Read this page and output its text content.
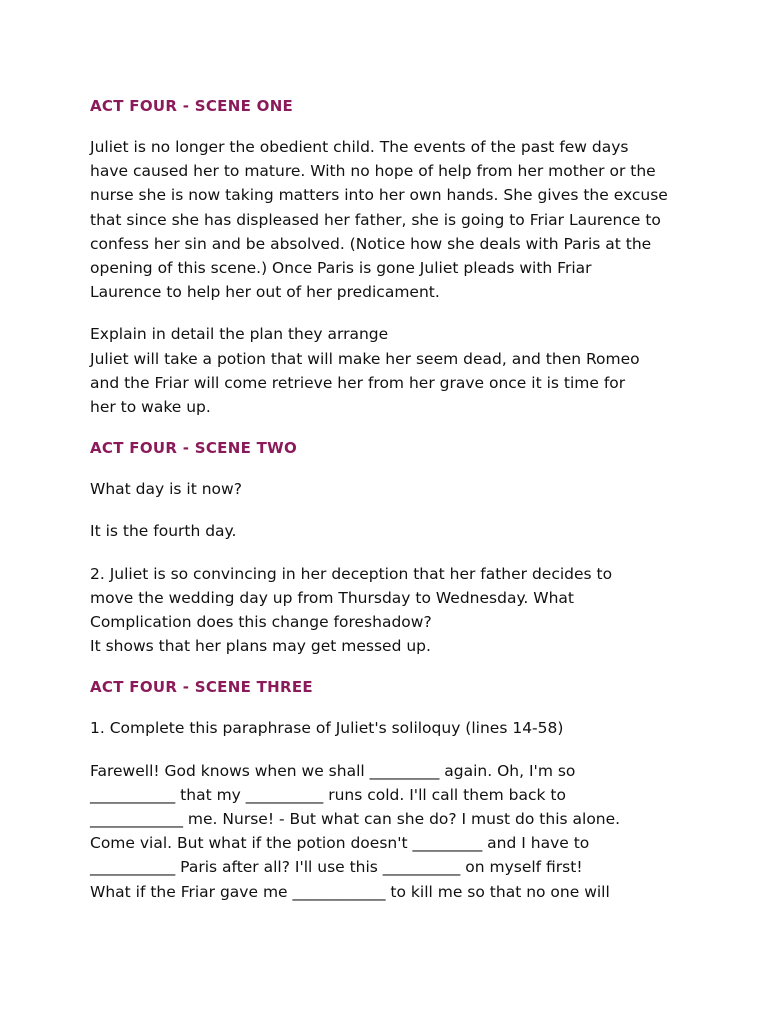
ACT FOUR - SCENE ONE

Juliet is no longer the obedient child. The events of the past few days
have caused her to mature. With no hope of help from her mother or the
nurse she is now taking matters into her own hands. She gives the excuse
that since she has displeased her father, she is going to Friar Laurence to
confess her sin and be absolved. (Notice how she deals with Paris at the
opening of this scene.) Once Paris is gone Juliet pleads with Friar
Laurence to help her out of her predicament.

Explain in detail the plan they arrange

Juliet will take a potion that will make her seem dead, and then Romeo
and the Friar will come retrieve her from her grave once it is time for
her to wake up.

ACT FOUR - SCENE TWO

What day is it now?

It is the fourth day.

2. Juliet is so convincing in her deception that her father decides to
move the wedding day up from Thursday to Wednesday. What
Complication does this change foreshadow?

It shows that her plans may get messed up.

ACT FOUR - SCENE THREE

1. Complete this paraphrase of Juliet's soliloquy (lines 14-58)

Farewell! God knows when we shall _________ again. Oh, I'm so
___________ that my __________ runs cold. I'll call them back to
____________ me. Nurse! - But what can she do? I must do this alone.
Come vial. But what if the potion doesn't _________ and I have to
___________ Paris after all? I'll use this __________ on myself first!
What if the Friar gave me ____________ to kill me so that no one will
